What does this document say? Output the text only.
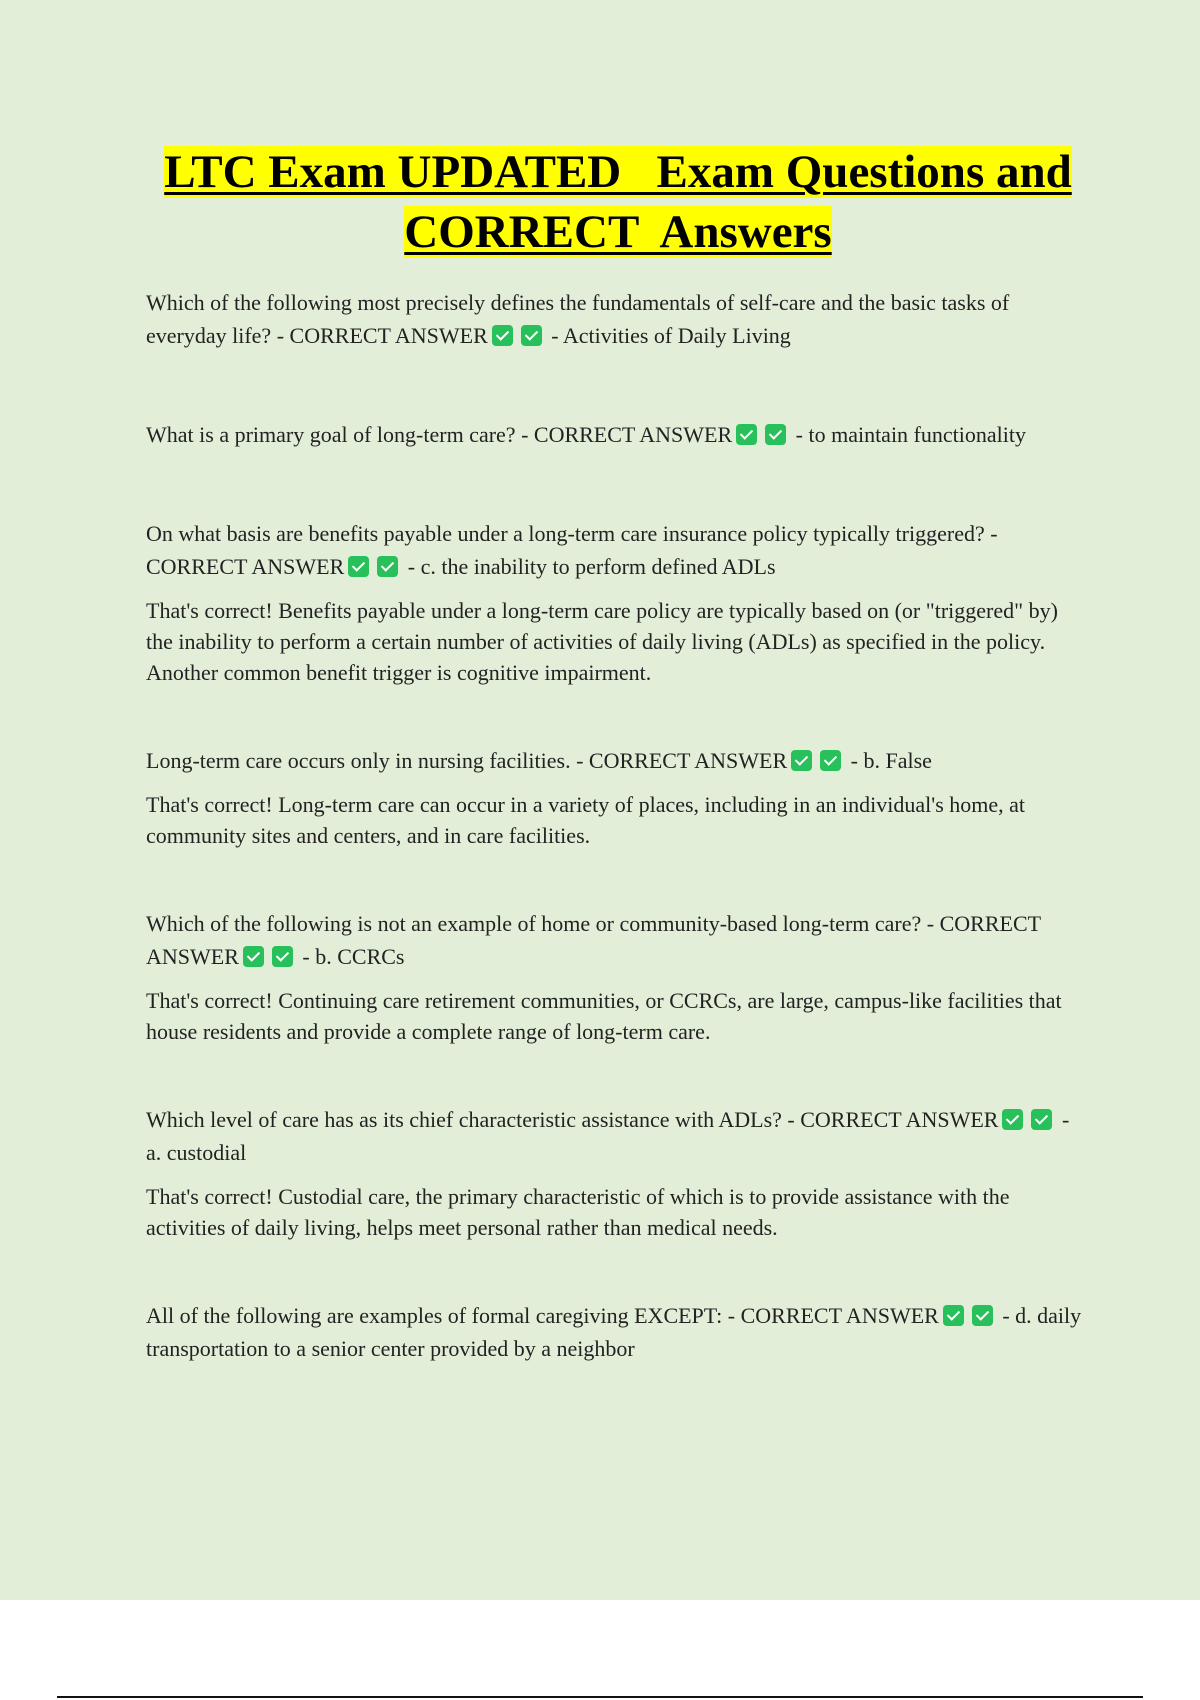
LTC Exam UPDATED   Exam Questions and
CORRECT  Answers

Which of the following most precisely defines the fundamentals of self-care and the basic tasks of everyday life? - CORRECT ANSWER	- Activities of Daily Living

What is a primary goal of long-term care? - CORRECT ANSWER	- to maintain functionality

On what basis are benefits payable under a long-term care insurance policy typically triggered? - CORRECT ANSWER	- c. the inability to perform defined ADLs

That's correct! Benefits payable under a long-term care policy are typically based on (or "triggered" by) the inability to perform a certain number of activities of daily living (ADLs) as specified in the policy. Another common benefit trigger is cognitive impairment.

Long-term care occurs only in nursing facilities. - CORRECT ANSWER	- b. False

That's correct! Long-term care can occur in a variety of places, including in an individual's home, at community sites and centers, and in care facilities.

Which of the following is not an example of home or community-based long-term care? - CORRECT ANSWER	- b. CCRCs

That's correct! Continuing care retirement communities, or CCRCs, are large, campus-like facilities that house residents and provide a complete range of long-term care.

Which level of care has as its chief characteristic assistance with ADLs? - CORRECT ANSWER	- a. custodial

That's correct! Custodial care, the primary characteristic of which is to provide assistance with the activities of daily living, helps meet personal rather than medical needs.

All of the following are examples of formal caregiving EXCEPT: - CORRECT ANSWER	- d. daily transportation to a senior center provided by a neighbor
